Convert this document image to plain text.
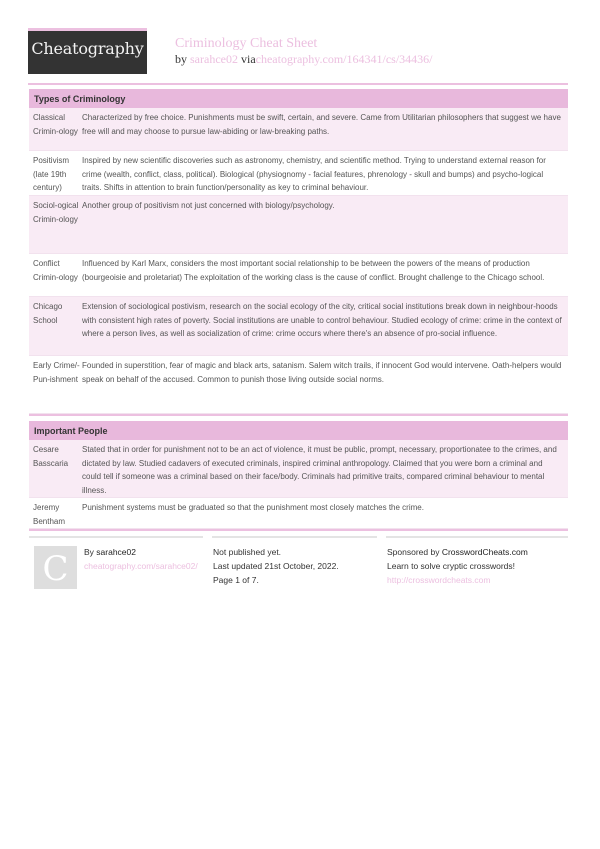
Cheatography Criminology Cheat Sheet
by sarahce02 viacheatography.com/164341/cs/34436/
Types of Criminology
Classical Crimin-ology
Characterized by free choice. Punishments must be swift, certain, and severe. Came from Utilitarian philosophers that suggest we have free will and may choose to pursue law-abiding or law-breaking paths.
Positivism (late 19th century)
Inspired by new scientific discoveries such as astronomy, chemistry, and scientific method. Trying to understand external reason for crime (wealth, conflict, class, political). Biological (physiognomy - facial features, phrenology - skull and bumps) and psycho-logical traits. Shifts in attention to brain function/personality as key to criminal behaviour.
Sociol-ogical Crimin-ology
Another group of positivism not just concerned with biology/psychology.
Conflict Crimin-ology
Influenced by Karl Marx, considers the most important social relationship to be between the powers of the means of production (bourgeoisie and proletariat) The exploitation of the working class is the cause of conflict. Brought challenge to the Chicago school.
Chicago School
Extension of sociological postivism, research on the social ecology of the city, critical social institutions break down in neighbour-hoods with consistent high rates of poverty. Social institutions are unable to control behaviour. Studied ecology of crime: crime in the context of where a person lives, as well as socialization of crime: crime occurs where there's an absence of pro-social influence.
Early Crime/-Pun-ishment
Founded in superstition, fear of magic and black arts, satanism. Salem witch trails, if innocent God would intervene. Oath-helpers would speak on behalf of the accused. Common to punish those living outside social norms.
Important People
Cesare Basscaria
Stated that in order for punishment not to be an act of violence, it must be public, prompt, necessary, proportionatee to the crimes, and dictated by law. Studied cadavers of executed criminals, inspired criminal anthropology. Claimed that you were born a criminal and could tell if someone was a criminal based on their face/body. Criminals had primitive traits, compared criminal behaviour to mental illness.
Jeremy Bentham
Punishment systems must be graduated so that the punishment most closely matches the crime.
C	By sarahce02
cheatography.com/sarahce02/
Not published yet.
Last updated 21st October, 2022.
Page 1 of 7.
Sponsored by CrosswordCheats.com
Learn to solve cryptic crosswords!
http://crosswordcheats.com
